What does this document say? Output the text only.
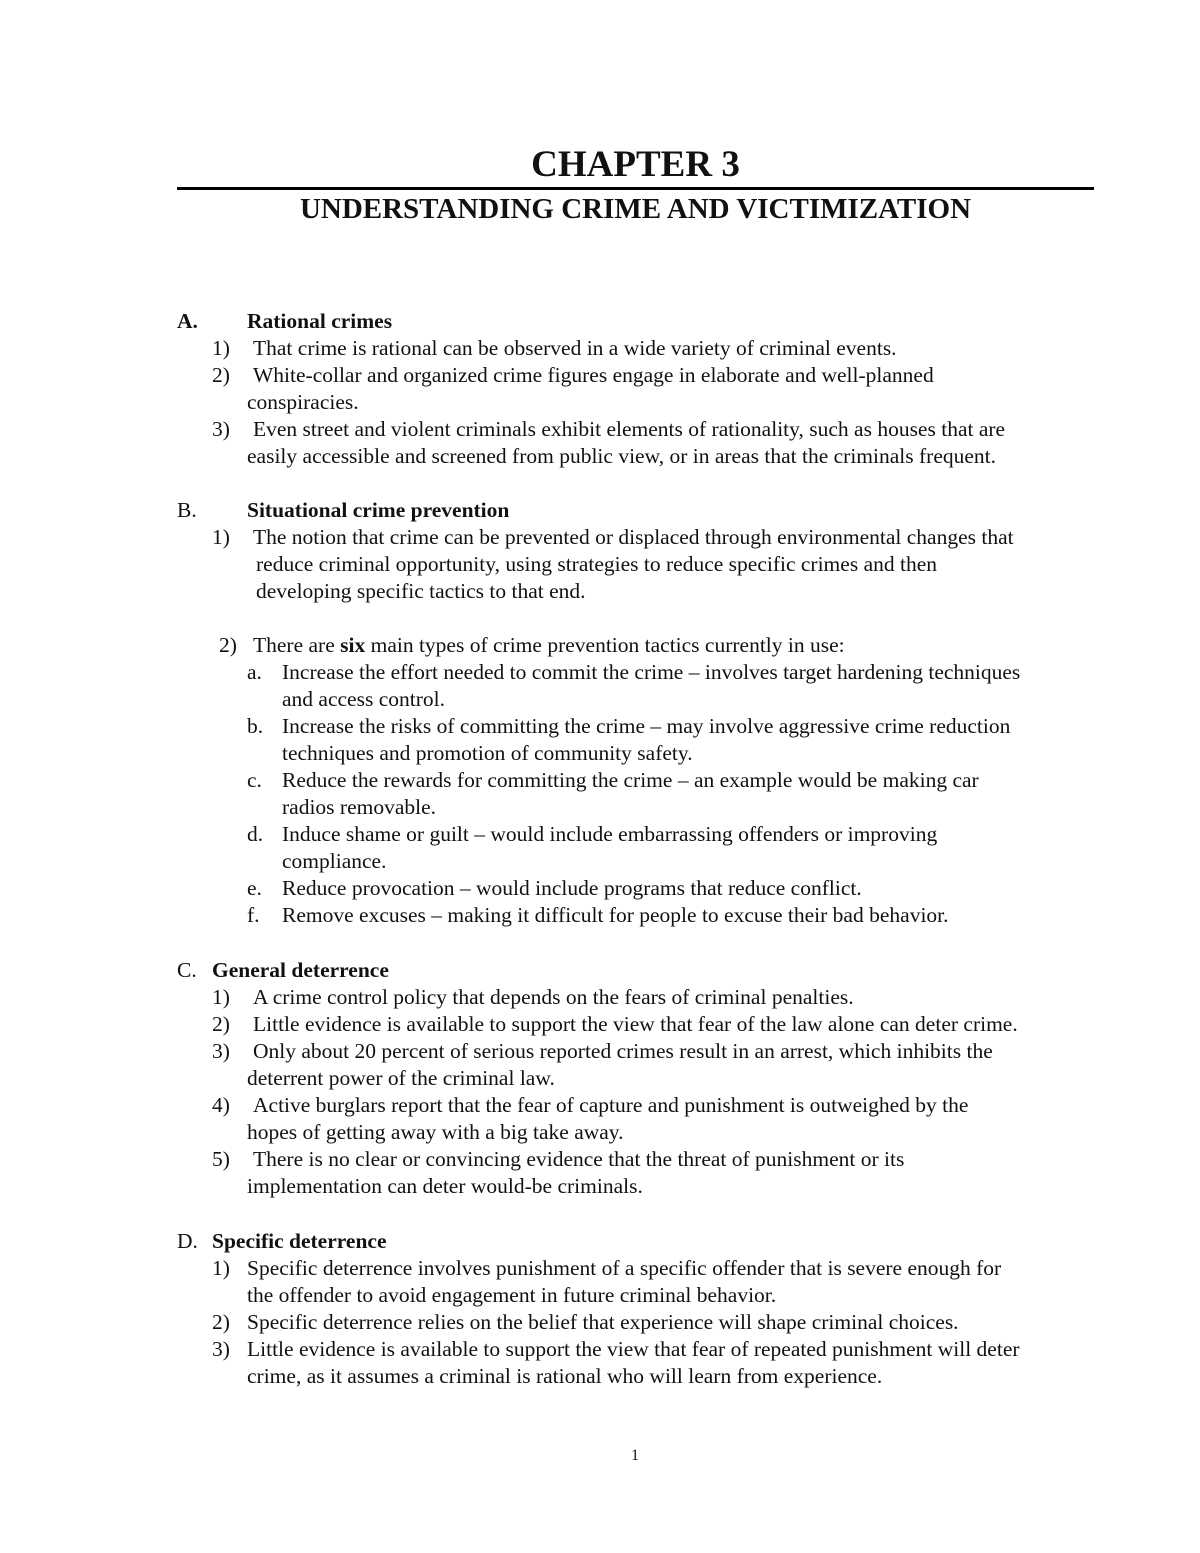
CHAPTER 3
UNDERSTANDING CRIME AND VICTIMIZATION
A. Rational crimes
1) That crime is rational can be observed in a wide variety of criminal events.
2) White-collar and organized crime figures engage in elaborate and well-planned
conspiracies.
3) Even street and violent criminals exhibit elements of rationality, such as houses that are
easily accessible and screened from public view, or in areas that the criminals frequent.
B. Situational crime prevention
1) The notion that crime can be prevented or displaced through environmental changes that
reduce criminal opportunity, using strategies to reduce specific crimes and then
developing specific tactics to that end.
2) There are six main types of crime prevention tactics currently in use:
a. Increase the effort needed to commit the crime – involves target hardening techniques
and access control.
b. Increase the risks of committing the crime – may involve aggressive crime reduction
techniques and promotion of community safety.
c. Reduce the rewards for committing the crime – an example would be making car
radios removable.
d. Induce shame or guilt – would include embarrassing offenders or improving
compliance.
e. Reduce provocation – would include programs that reduce conflict.
f. Remove excuses – making it difficult for people to excuse their bad behavior.
C. General deterrence
1) A crime control policy that depends on the fears of criminal penalties.
2) Little evidence is available to support the view that fear of the law alone can deter crime.
3) Only about 20 percent of serious reported crimes result in an arrest, which inhibits the
deterrent power of the criminal law.
4) Active burglars report that the fear of capture and punishment is outweighed by the
hopes of getting away with a big take away.
5) There is no clear or convincing evidence that the threat of punishment or its
implementation can deter would-be criminals.
D. Specific deterrence
1) Specific deterrence involves punishment of a specific offender that is severe enough for
the offender to avoid engagement in future criminal behavior.
2) Specific deterrence relies on the belief that experience will shape criminal choices.
3) Little evidence is available to support the view that fear of repeated punishment will deter
crime, as it assumes a criminal is rational who will learn from experience.
1
